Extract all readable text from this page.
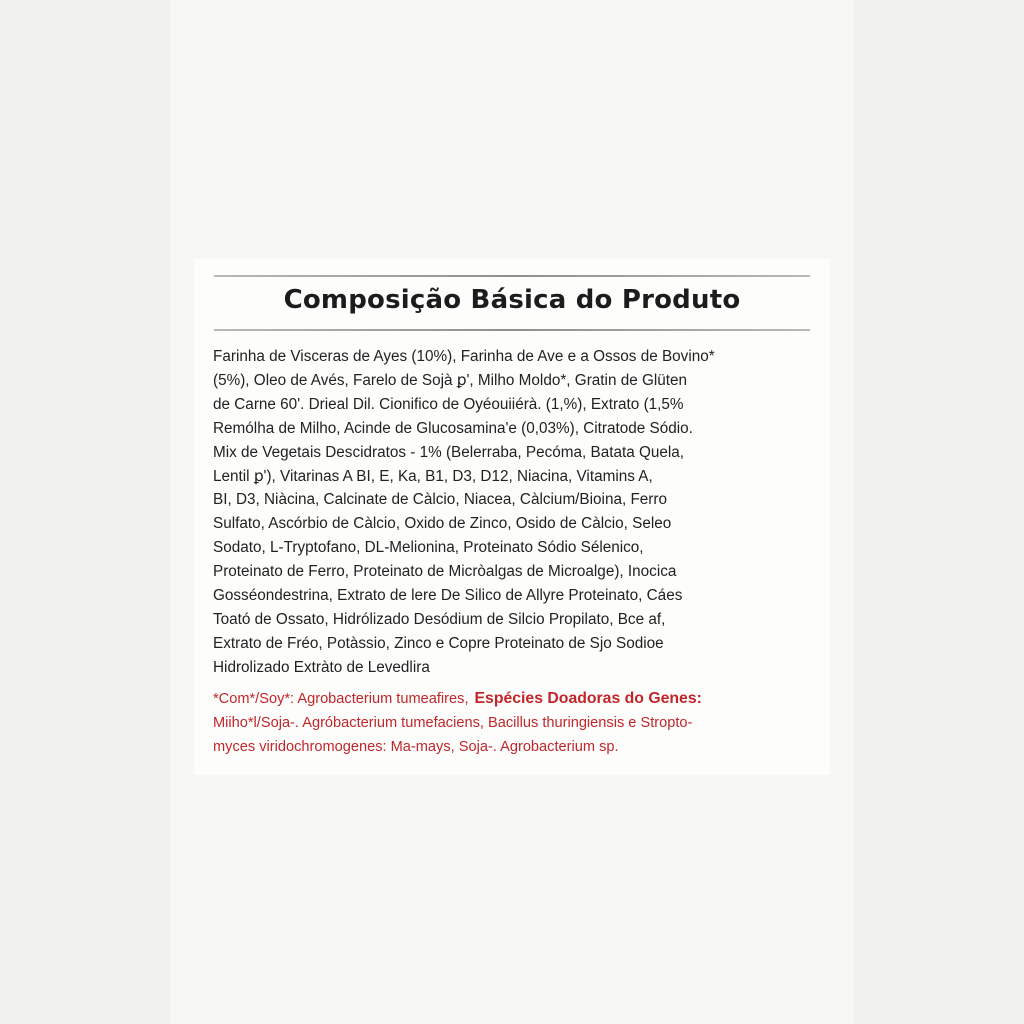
Composição Básica do Produto
Farinha de Visceras de Ayes (10%), Farinha de Ave e a Ossos de Bovino*
(5%), Oleo de Avés, Farelo de Sojà ꝑ', Milho Moldo*, Gratin de Glüten
de Carne 60'. Drieal Dil. Cionifico de Oyéouiiérà. (1,%), Extrato (1,5%
Remólha de Milho, Acinde de Glucosamina'e (0,03%), Citratode Sódio.
Mix de Vegetais Descidratos - 1% (Belerraba, Pecóma, Batata Quela,
Lentil ꝑ'), Vitarinas A BI, E, Ka, B1, D3, D12, Niacina, Vitamins A,
BI, D3, Niàcina, Calcinate de Càlcio, Niacea, Càlcium/Bioina, Ferro
Sulfato, Ascórbio de Càlcio, Oxido de Zinco, Osido de Càlcio, Seleo
Sodato, L-Tryptofano, DL-Melionina, Proteinato Sódio Sélenico,
Proteinato de Ferro, Proteinato de Micròalgas de Microalge), Inocica
Gosséondestrina, Extrato de lere De Silico de Allyre Proteinato, Cáes
Toató de Ossato, Hidrólizado Desódium de Silcio Propilato, Bce af,
Extrato de Fréo, Potàssio, Zinco e Copre Proteinato de Sjo Sodioe
Hidrolizado Extràto de Levedlira
*Com*/Soy*: Agrobacterium tumeafires, Espécies Doadoras do Genes:
Miiho*l/Soja-. Agróbacterium tumefaciens, Bacillus thuringiensis e Stropto-
myces viridochromogenes: Ma-mays, Soja-. Agrobacterium sp.
